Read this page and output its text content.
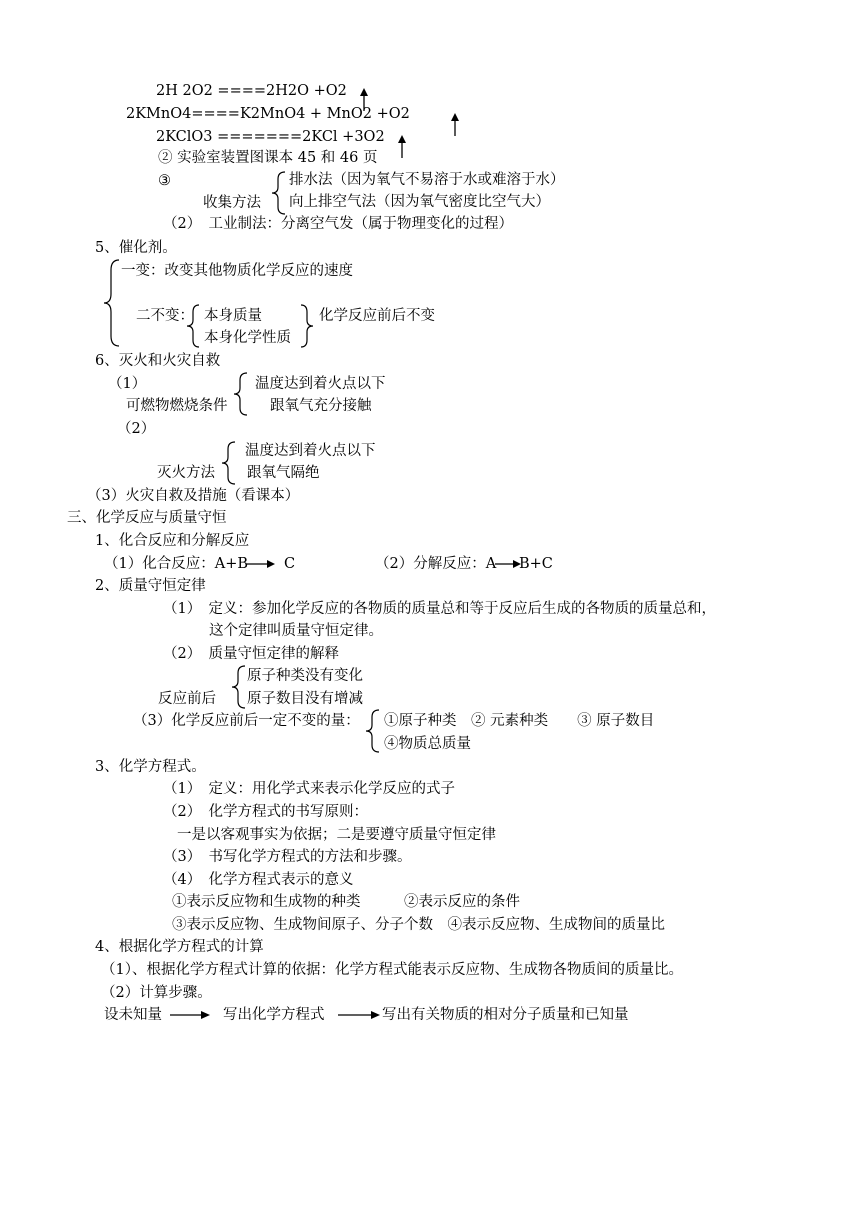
2H 2O2 ====2H2O +O2
2KMnO4====K2MnO4 + MnO2 +O2
2KClO3 =======2KCl +3O2
② 实验室装置图课本 45 和 46 页
③
收集方法
排水法（因为氧气不易溶于水或难溶于水）
向上排空气法（因为氧气密度比空气大）
（2）　工业制法：分离空气发（属于物理变化的过程）
5、催化剂。
一变：改变其他物质化学反应的速度
二不变： 本身质量
本身化学性质
化学反应前后不变
6、灭火和火灾自救
（1）
可燃物燃烧条件
温度达到着火点以下
跟氧气充分接触
（2）
温度达到着火点以下
灭火方法 跟氧气隔绝
（3）火灾自救及措施（看课本）
三、化学反应与质量守恒
1、化合反应和分解反应
（1）化合反应：A+B C	（2）分解反应：A B+C
2、质量守恒定律
（1）　定义：参加化学反应的各物质的质量总和等于反应后生成的各物质的质量总和，
这个定律叫质量守恒定律。
（2）　质量守恒定律的解释
原子种类没有变化
反应前后 原子数目没有增减
（3）化学反应前后一定不变的量： ①原子种类　② 元素种类　　③ 原子数目
④物质总质量
3、化学方程式。
（1）　定义：用化学式来表示化学反应的式子
（2）　化学方程式的书写原则：
一是以客观事实为依据；二是要遵守质量守恒定律
（3）　书写化学方程式的方法和步骤。
（4）　化学方程式表示的意义
①表示反应物和生成物的种类　　　②表示反应的条件
③表示反应物、生成物间原子、分子个数　④表示反应物、生成物间的质量比
4、根据化学方程式的计算
（1）、根据化学方程式计算的依据：化学方程式能表示反应物、生成物各物质间的质量比。
（2）计算步骤。
设未知量	写出化学方程式	写出有关物质的相对分子质量和已知量
